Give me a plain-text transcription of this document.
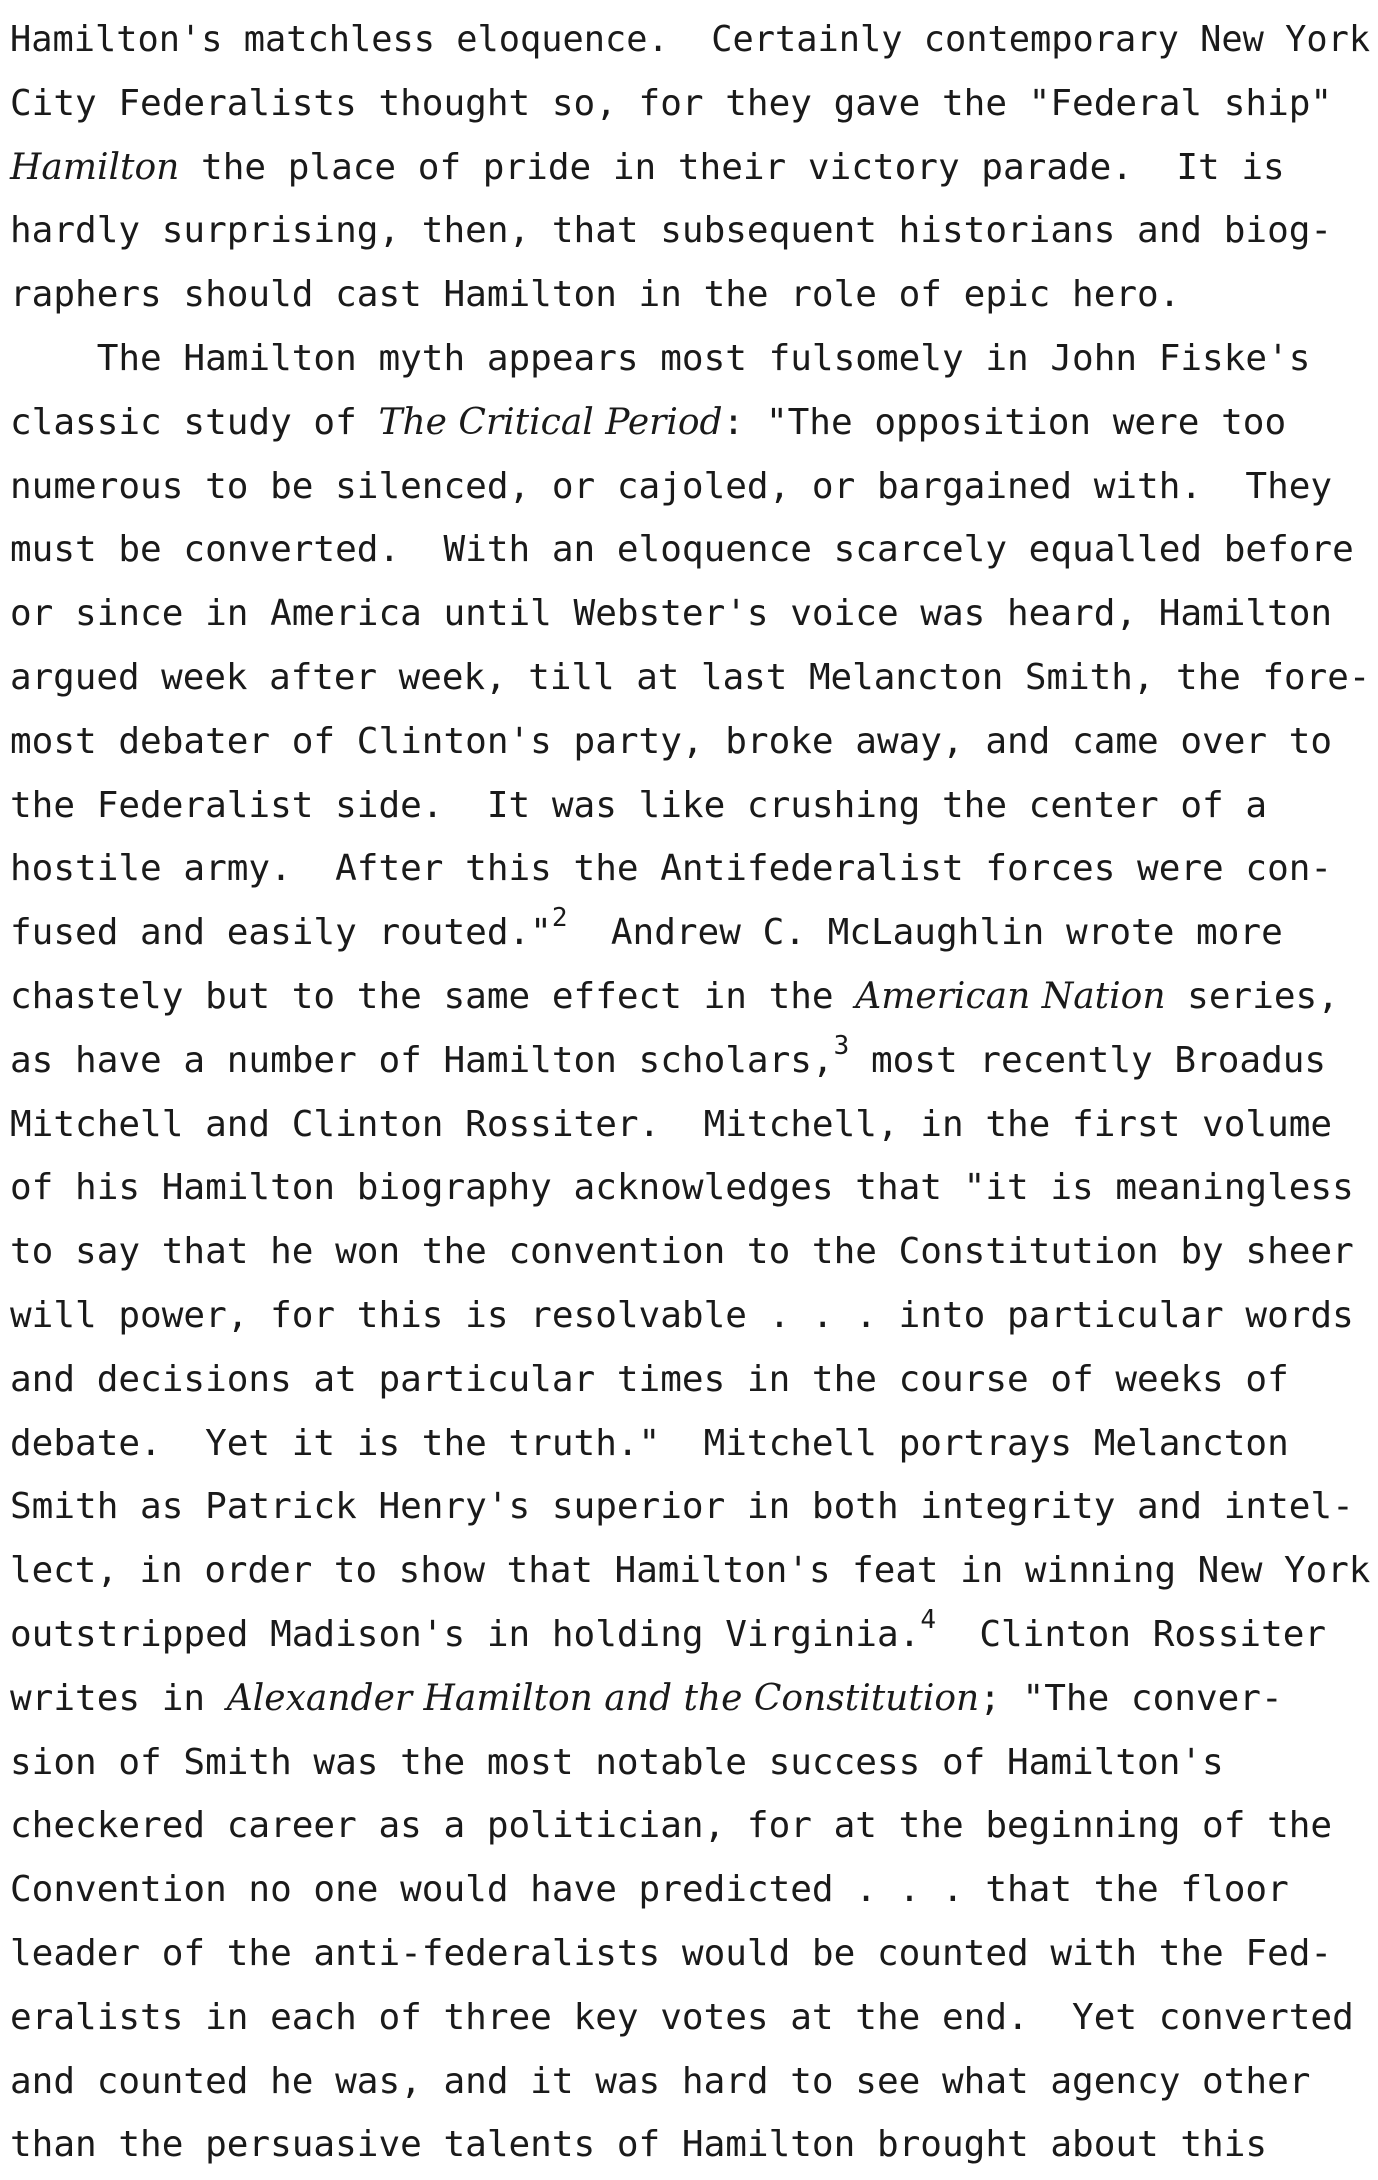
Hamilton's matchless eloquence.  Certainly contemporary New York
City Federalists thought so, for they gave the "Federal ship"
Hamilton the place of pride in their victory parade.  It is
hardly surprising, then, that subsequent historians and biog-
raphers should cast Hamilton in the role of epic hero.
The Hamilton myth appears most fulsomely in John Fiske's
classic study of The Critical Period: "The opposition were too
numerous to be silenced, or cajoled, or bargained with.  They
must be converted.  With an eloquence scarcely equalled before
or since in America until Webster's voice was heard, Hamilton
argued week after week, till at last Melancton Smith, the fore-
most debater of Clinton's party, broke away, and came over to
the Federalist side.  It was like crushing the center of a
hostile army.  After this the Antifederalist forces were con-
fused and easily routed."$^2$  Andrew C. McLaughlin wrote more
chastely but to the same effect in the American Nation series,
as have a number of Hamilton scholars,$^3$ most recently Broadus
Mitchell and Clinton Rossiter.  Mitchell, in the first volume
of his Hamilton biography acknowledges that "it is meaningless
to say that he won the convention to the Constitution by sheer
will power, for this is resolvable . . . into particular words
and decisions at particular times in the course of weeks of
debate.  Yet it is the truth."  Mitchell portrays Melancton
Smith as Patrick Henry's superior in both integrity and intel-
lect, in order to show that Hamilton's feat in winning New York
outstripped Madison's in holding Virginia.$^4$  Clinton Rossiter
writes in Alexander Hamilton and the Constitution; "The conver-
sion of Smith was the most notable success of Hamilton's
checkered career as a politician, for at the beginning of the
Convention no one would have predicted . . . that the floor
leader of the anti-federalists would be counted with the Fed-
eralists in each of three key votes at the end.  Yet converted
and counted he was, and it was hard to see what agency other
than the persuasive talents of Hamilton brought about this
